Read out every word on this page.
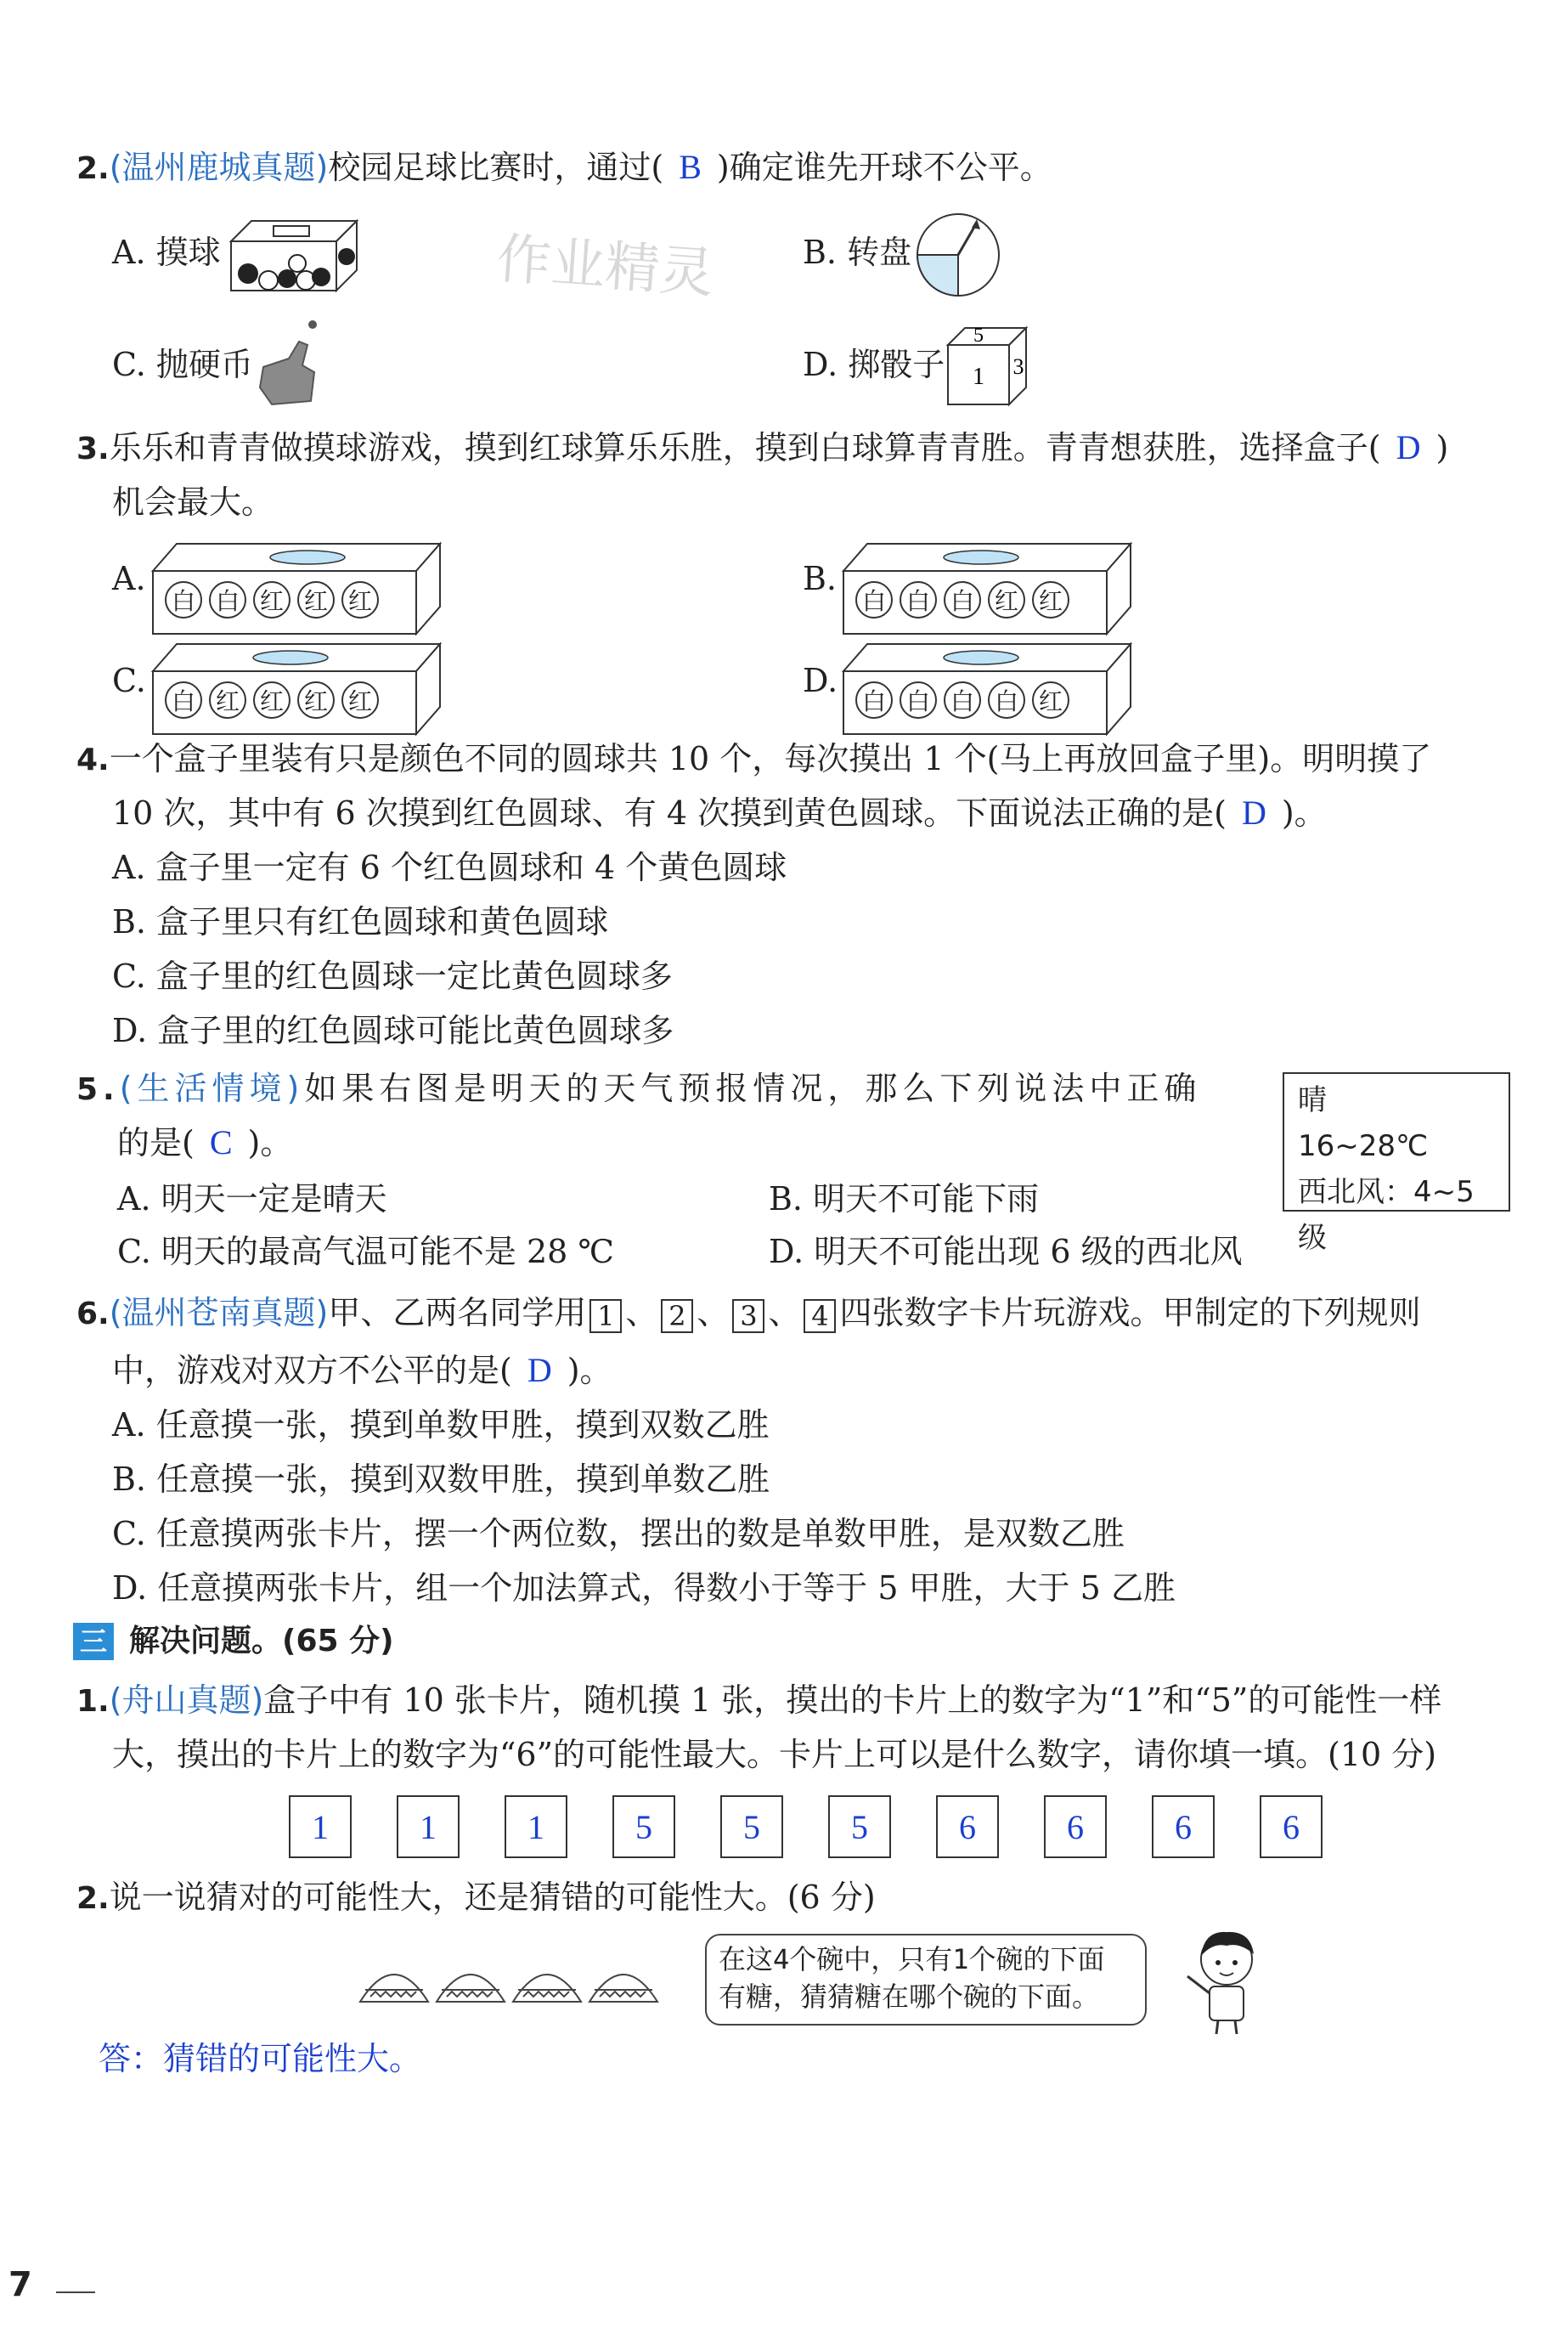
作业精灵
2.(温州鹿城真题)校园足球比赛时，通过( B )确定谁先开球不公平。
A. 摸球	B. 转盘
C. 抛硬币	D. 掷骰子
5
1 3
3.乐乐和青青做摸球游戏，摸到红球算乐乐胜，摸到白球算青青胜。青青想获胜，选择盒子( D )
机会最大。
A.
白 白 红 红 红
B.
白 白 白 红 红
C.
白 红 红 红 红
D.
白 白 白 白 红
4.一个盒子里装有只是颜色不同的圆球共 10 个，每次摸出 1 个(马上再放回盒子里)。明明摸了
10 次，其中有 6 次摸到红色圆球、有 4 次摸到黄色圆球。下面说法正确的是( D )。
A. 盒子里一定有 6 个红色圆球和 4 个黄色圆球
B. 盒子里只有红色圆球和黄色圆球
C. 盒子里的红色圆球一定比黄色圆球多
D. 盒子里的红色圆球可能比黄色圆球多
5.(生活情境)如果右图是明天的天气预报情况，那么下列说法中正确
的是( C )。
晴
16~28℃
西北风：4~5级
A. 明天一定是晴天	B. 明天不可能下雨
C. 明天的最高气温可能不是 28 ℃	D. 明天不可能出现 6 级的西北风
6.(温州苍南真题)甲、乙两名同学用 1 、 2 、 3 、 4 四张数字卡片玩游戏。甲制定的下列规则
中，游戏对双方不公平的是( D )。
A. 任意摸一张，摸到单数甲胜，摸到双数乙胜
B. 任意摸一张，摸到双数甲胜，摸到单数乙胜
C. 任意摸两张卡片，摆一个两位数，摆出的数是单数甲胜，是双数乙胜
D. 任意摸两张卡片，组一个加法算式，得数小于等于 5 甲胜，大于 5 乙胜
三 解决问题。(65 分)
1.(舟山真题)盒子中有 10 张卡片，随机摸 1 张，摸出的卡片上的数字为“1”和“5”的可能性一样
大，摸出的卡片上的数字为“6”的可能性最大。卡片上可以是什么数字，请你填一填。(10 分)
1	1	1	5	5	5	6	6	6	6
2.说一说猜对的可能性大，还是猜错的可能性大。(6 分)
在这4个碗中，只有1个碗的下面
有糖，猜猜糖在哪个碗的下面。
答：猜错的可能性大。
7
